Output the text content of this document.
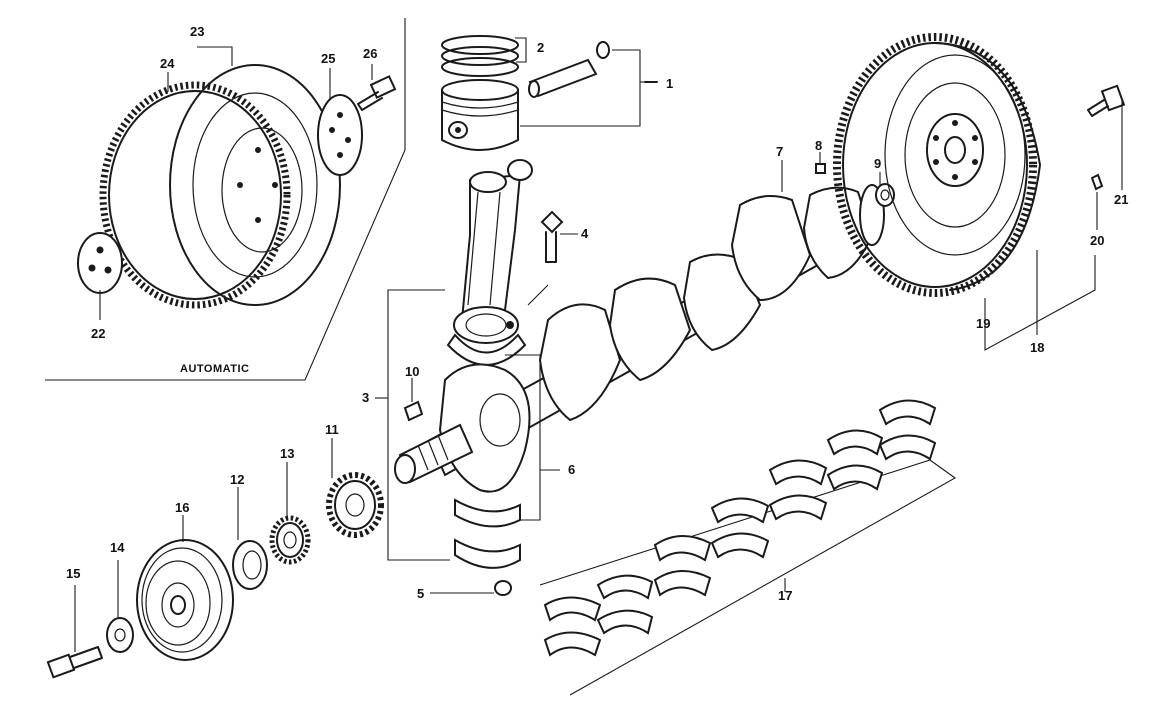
AUTOMATIC
1
2
3
4
5
6
7 8
9
10
11
12
13
14
15
16
17
18
19
20
21
22
23
24	25 26
